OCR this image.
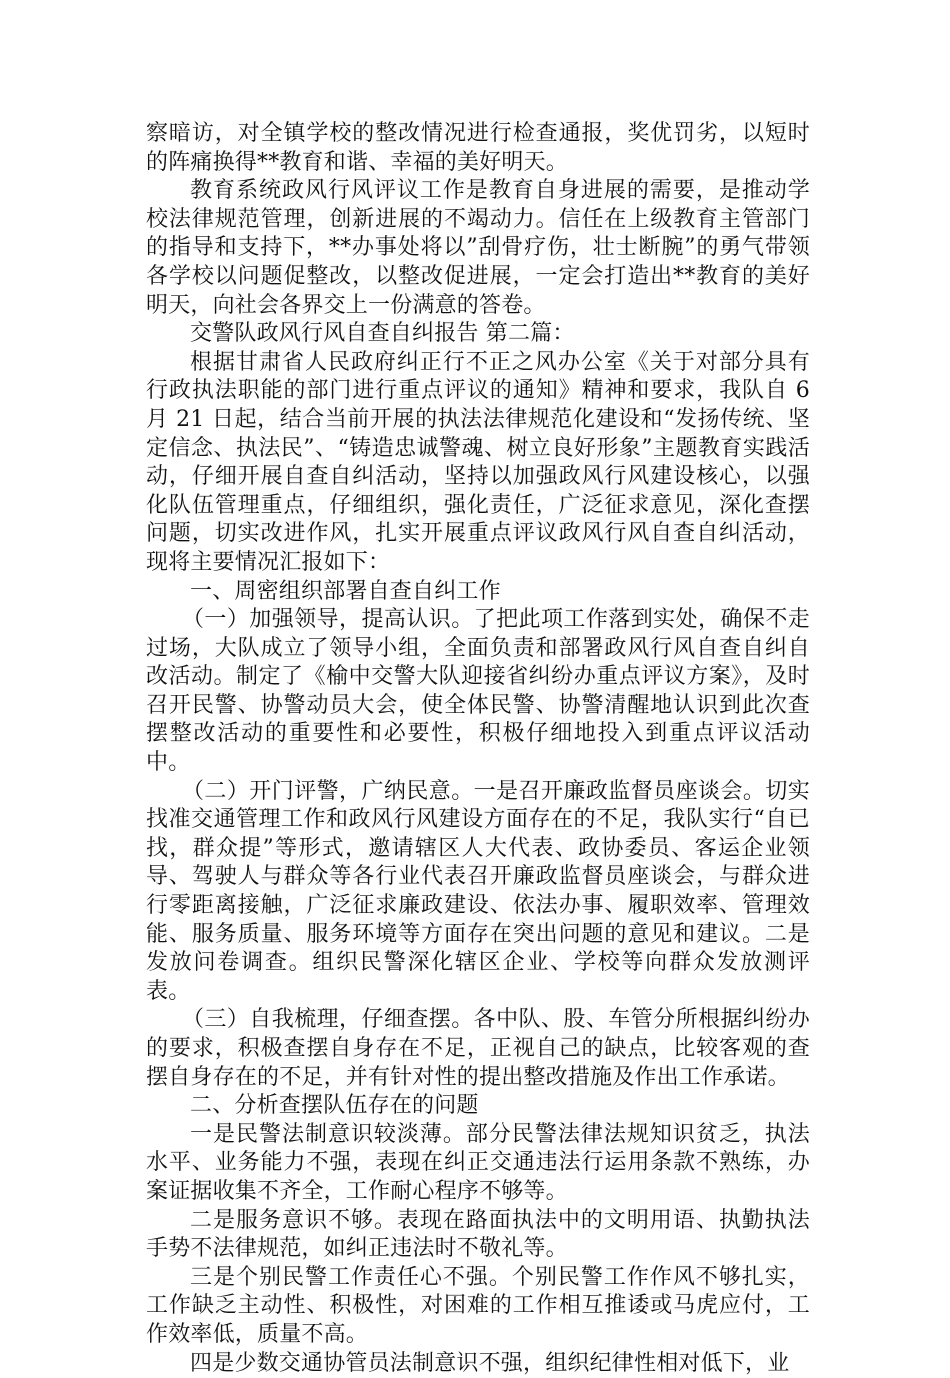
察暗访，对全镇学校的整改情况进行检查通报，奖优罚劣，以短时的阵痛换得**教育和谐、幸福的美好明天。

教育系统政风行风评议工作是教育自身进展的需要，是推动学校法律规范管理，创新进展的不竭动力。信任在上级教育主管部门的指导和支持下，**办事处将以”刮骨疗伤，壮士断腕”的勇气带领各学校以问题促整改，以整改促进展，一定会打造出**教育的美好明天，向社会各界交上一份满意的答卷。

交警队政风行风自查自纠报告 第二篇：

根据甘肃省人民政府纠正行不正之风办公室《关于对部分具有行政执法职能的部门进行重点评议的通知》精神和要求，我队自 6 月 21 日起，结合当前开展的执法法律规范化建设和“发扬传统、坚定信念、执法民”、“铸造忠诚警魂、树立良好形象”主题教育实践活动，仔细开展自查自纠活动，坚持以加强政风行风建设核心，以强化队伍管理重点，仔细组织，强化责任，广泛征求意见，深化查摆问题，切实改进作风，扎实开展重点评议政风行风自查自纠活动，现将主要情况汇报如下：

一、周密组织部署自查自纠工作

（一）加强领导，提高认识。了把此项工作落到实处，确保不走过场，大队成立了领导小组，全面负责和部署政风行风自查自纠自改活动。制定了《榆中交警大队迎接省纠纷办重点评议方案》，及时召开民警、协警动员大会，使全体民警、协警清醒地认识到此次查摆整改活动的重要性和必要性，积极仔细地投入到重点评议活动中。

（二）开门评警，广纳民意。一是召开廉政监督员座谈会。切实找准交通管理工作和政风行风建设方面存在的不足，我队实行“自已找，群众提”等形式，邀请辖区人大代表、政协委员、客运企业领导、驾驶人与群众等各行业代表召开廉政监督员座谈会，与群众进行零距离接触，广泛征求廉政建设、依法办事、履职效率、管理效能、服务质量、服务环境等方面存在突出问题的意见和建议。二是发放问卷调查。组织民警深化辖区企业、学校等向群众发放测评表。

（三）自我梳理，仔细查摆。各中队、股、车管分所根据纠纷办的要求，积极查摆自身存在不足，正视自己的缺点，比较客观的查摆自身存在的不足，并有针对性的提出整改措施及作出工作承诺。

二、分析查摆队伍存在的问题

一是民警法制意识较淡薄。部分民警法律法规知识贫乏，执法水平、业务能力不强，表现在纠正交通违法行运用条款不熟练，办案证据收集不齐全，工作耐心程序不够等。

二是服务意识不够。表现在路面执法中的文明用语、执勤执法手势不法律规范，如纠正违法时不敬礼等。

三是个别民警工作责任心不强。个别民警工作作风不够扎实，工作缺乏主动性、积极性，对困难的工作相互推诿或马虎应付，工作效率低，质量不高。

四是少数交通协管员法制意识不强，组织纪律性相对低下，业
